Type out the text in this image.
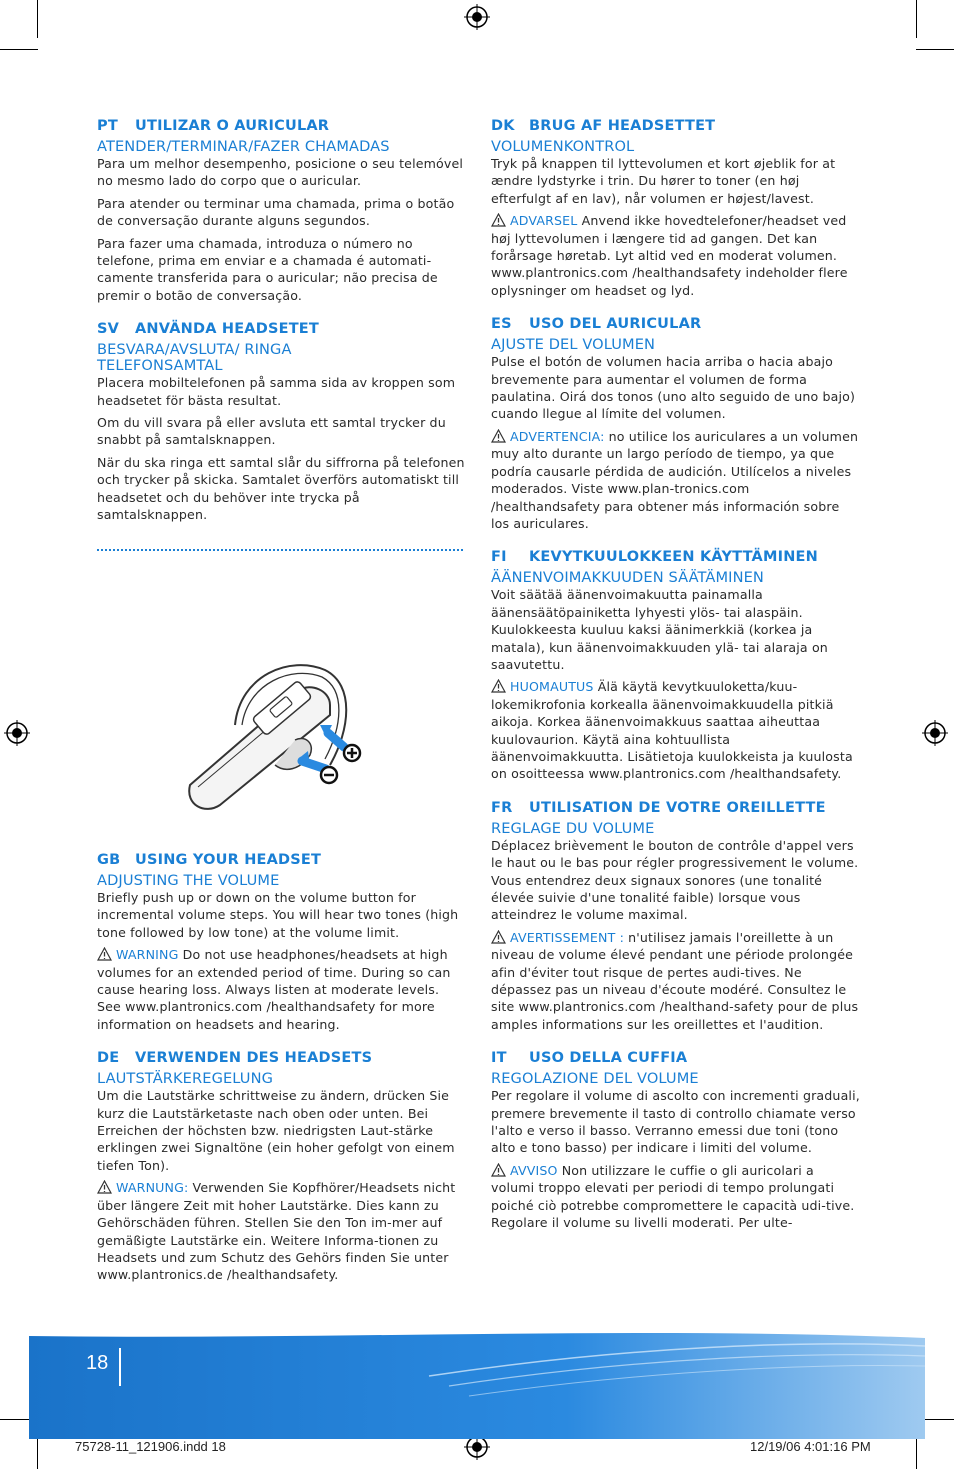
PT UTILIZAR O AURICULAR
ATENDER/TERMINAR/FAZER CHAMADAS

Para um melhor desempenho, posicione o seu telemóvel no mesmo lado do corpo que o auricular.

Para atender ou terminar uma chamada, prima o botão de conversação durante alguns segundos.

Para fazer uma chamada, introduza o número no telefone, prima em enviar e a chamada é automati-camente transferida para o auricular; não precisa de premir o botão de conversação.

SV ANVÄNDA HEADSETET
BESVARA/AVSLUTA/ RINGA TELEFONSAMTAL

Placera mobiltelefonen på samma sida av kroppen som headsetet för bästa resultat.

Om du vill svara på eller avsluta ett samtal trycker du snabbt på samtalsknappen.

När du ska ringa ett samtal slår du siffrorna på telefonen och trycker på skicka. Samtalet överförs automatiskt till headsetet och du behöver inte trycka på samtalsknappen.

GB USING YOUR HEADSET
ADJUSTING THE VOLUME

Briefly push up or down on the volume button for incremental volume steps. You will hear two tones (high tone followed by low tone) at the volume limit.

WARNING Do not use headphones/headsets at high volumes for an extended period of time. During so can cause hearing loss. Always listen at moderate levels. See www.plantronics.com /healthandsafety for more information on headsets and hearing.

DE VERWENDEN DES HEADSETS
LAUTSTÄRKEREGELUNG

Um die Lautstärke schrittweise zu ändern, drücken Sie kurz die Lautstärketaste nach oben oder unten. Bei Erreichen der höchsten bzw. niedrigsten Laut-stärke erklingen zwei Signaltöne (ein hoher gefolgt von einem tiefen Ton).

WARNUNG: Verwenden Sie Kopfhörer/Headsets nicht über längere Zeit mit hoher Lautstärke. Dies kann zu Gehörschäden führen. Stellen Sie den Ton im-mer auf gemäßigte Lautstärke ein. Weitere Informa-tionen zu Headsets und zum Schutz des Gehörs finden Sie unter www.plantronics.de /healthandsafety.

DK BRUG AF HEADSETTET
VOLUMENKONTROL

Tryk på knappen til lyttevolumen et kort øjeblik for at ændre lydstyrke i trin. Du hører to toner (en høj efterfulgt af en lav), når volumen er højest/lavest.

ADVARSEL Anvend ikke hovedtelefoner/headset ved høj lyttevolumen i længere tid ad gangen. Det kan forårsage høretab. Lyt altid ved en moderat volumen. www.plantronics.com /healthandsafety indeholder flere oplysninger om headset og lyd.

ES USO DEL AURICULAR
AJUSTE DEL VOLUMEN

Pulse el botón de volumen hacia arriba o hacia abajo brevemente para aumentar el volumen de forma paulatina. Oirá dos tonos (uno alto seguido de uno bajo) cuando llegue al límite del volumen.

ADVERTENCIA: no utilice los auriculares a un volumen muy alto durante un largo período de tiempo, ya que podría causarle pérdida de audición. Utilícelos a niveles moderados. Viste www.plan-tronics.com /healthandsafety para obtener más información sobre los auriculares.

FI KEVYTKUULOKKEEN KÄYTTÄMINEN
ÄÄNENVOIMAKKUUDEN SÄÄTÄMINEN

Voit säätää äänenvoimakuutta painamalla äänensäätöpainiketta lyhyesti ylös- tai alaspäin. Kuulokkeesta kuuluu kaksi äänimerkkiä (korkea ja matala), kun äänenvoimakkuuden ylä- tai alaraja on saavutettu.

HUOMAUTUS Älä käytä kevytkuuloketta/kuu-lokemikrofonia korkealla äänenvoimakkuudella pitkiä aikoja. Korkea äänenvoimakkuus saattaa aiheuttaa kuulovaurion. Käytä aina kohtuullista äänenvoimakkuutta. Lisätietoja kuulokkeista ja kuulosta on osoitteessa www.plantronics.com /healthandsafety.

FR UTILISATION DE VOTRE OREILLETTE
REGLAGE DU VOLUME

Déplacez brièvement le bouton de contrôle d'appel vers le haut ou le bas pour régler progressivement le volume. Vous entendrez deux signaux sonores (une tonalité élevée suivie d'une tonalité faible) lorsque vous atteindrez le volume maximal.

AVERTISSEMENT : n'utilisez jamais l'oreillette à un niveau de volume élevé pendant une période prolongée afin d'éviter tout risque de pertes audi-tives. Ne dépassez pas un niveau d'écoute modéré. Consultez le site www.plantronics.com /healthand-safety pour de plus amples informations sur les oreillettes et l'audition.

IT USO DELLA CUFFIA
REGOLAZIONE DEL VOLUME

Per regolare il volume di ascolto con incrementi graduali, premere brevemente il tasto di controllo chiamate verso l'alto e verso il basso. Verranno emessi due toni (tono alto e tono basso) per indicare i limiti del volume.

AVVISO Non utilizzare le cuffie o gli auricolari a volumi troppo elevati per periodi di tempo prolungati poiché ciò potrebbe compromettere le capacità udi-tive. Regolare il volume su livelli moderati. Per ulte-

18
75728-11_121906.indd 18	12/19/06 4:01:16 PM
